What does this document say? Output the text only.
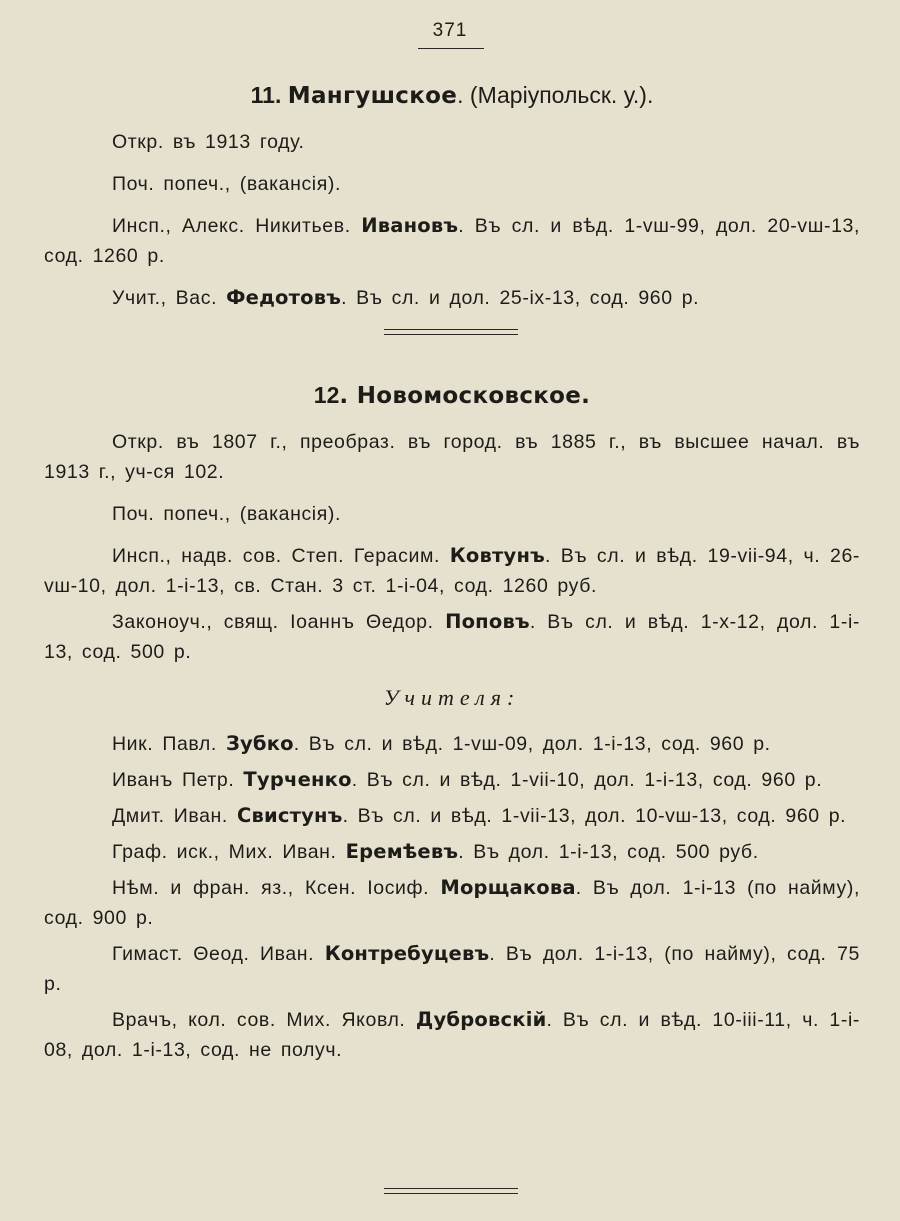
371

11. Мангушское. (Маріупольск. у.).

Откр. въ 1913 году.

Поч. попеч., (вакансія).

Инсп., Алекс. Никитьев. Ивановъ. Въ сл. и вѣд. 1-vш-99, дол. 20-vш-13, сод. 1260 р.

Учит., Вас. Федотовъ. Въ сл. и дол. 25-ix-13, сод. 960 р.

12. Новомосковское.

Откр. въ 1807 г., преобраз. въ город. въ 1885 г., въ высшее начал. въ 1913 г., уч-ся 102.

Поч. попеч., (вакансія).

Инсп., надв. сов. Степ. Герасим. Ковтунъ. Въ сл. и вѣд. 19-vii-94, ч. 26-vш-10, дол. 1-i-13, св. Стан. 3 ст. 1-i-04, сод. 1260 руб.

Законоуч., свящ. Іоаннъ Θедор. Поповъ. Въ сл. и вѣд. 1-x-12, дол. 1-i-13, сод. 500 р.

Учителя:

Ник. Павл. Зубко. Въ сл. и вѣд. 1-vш-09, дол. 1-i-13, сод. 960 р.

Иванъ Петр. Турченко. Въ сл. и вѣд. 1-vii-10, дол. 1-i-13, сод. 960 р.

Дмит. Иван. Свистунъ. Въ сл. и вѣд. 1-vii-13, дол. 10-vш-13, сод. 960 р.

Граф. иск., Мих. Иван. Еремѣевъ. Въ дол. 1-i-13, сод. 500 руб.

Нѣм. и фран. яз., Ксен. Іосиф. Морщакова. Въ дол. 1-i-13 (по найму), сод. 900 р.

Гимаст. Θеод. Иван. Контребуцевъ. Въ дол. 1-i-13, (по найму), сод. 75 р.

Врачъ, кол. сов. Мих. Яковл. Дубровскій. Въ сл. и вѣд. 10-iii-11, ч. 1-i-08, дол. 1-i-13, сод. не получ.
